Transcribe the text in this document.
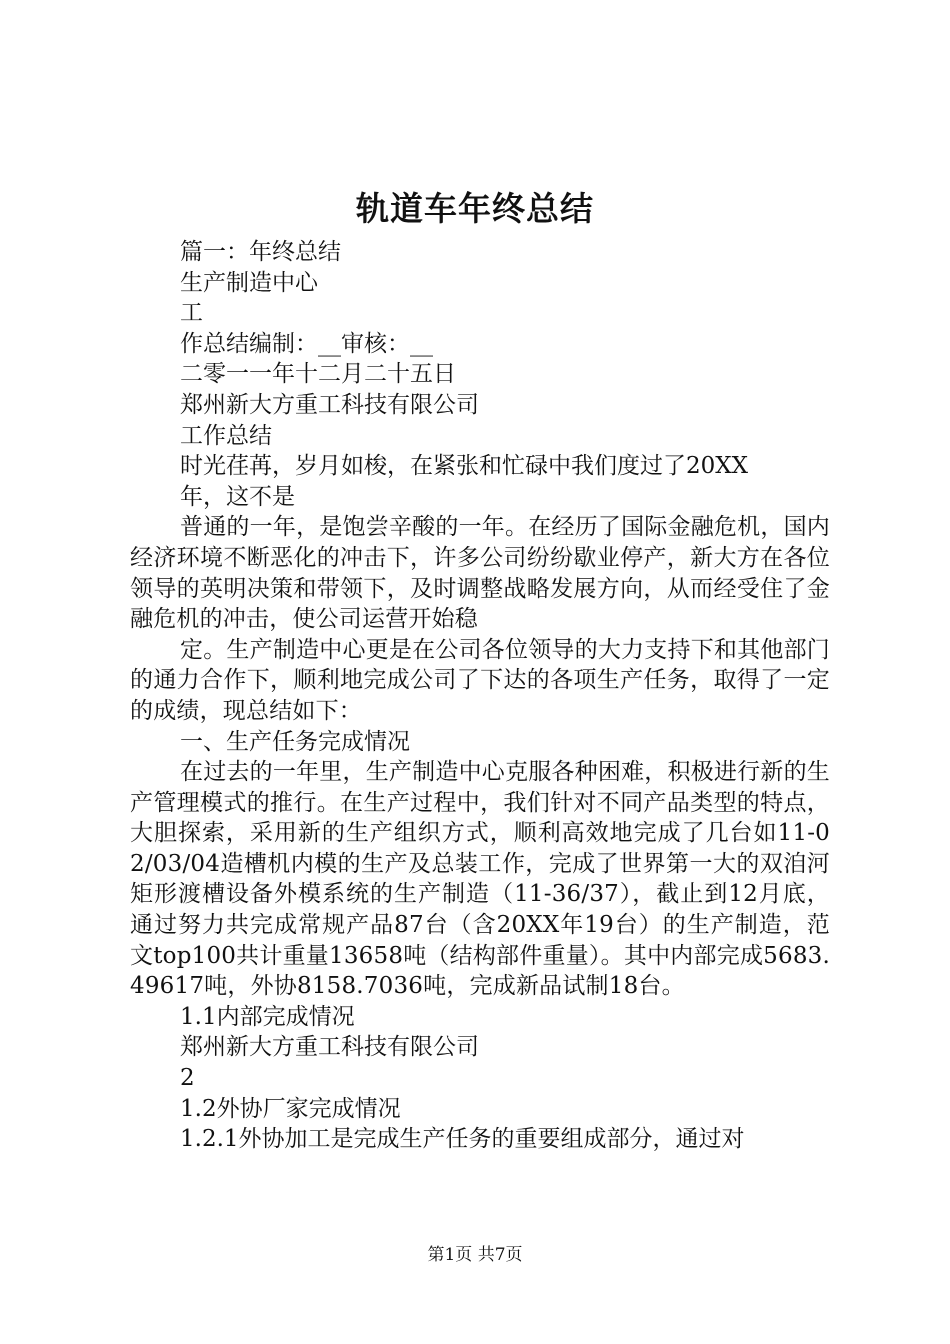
轨道车年终总结

篇一：年终总结

生产制造中心

工

作总结编制：__审核：__

二零一一年十二月二十五日

郑州新大方重工科技有限公司

工作总结

时光荏苒，岁月如梭，在紧张和忙碌中我们度过了20XX

年，这不是

普通的一年，是饱尝辛酸的一年。在经历了国际金融危机，国内经济环境不断恶化的冲击下，许多公司纷纷歇业停产，新大方在各位领导的英明决策和带领下，及时调整战略发展方向，从而经受住了金融危机的冲击，使公司运营开始稳

定。生产制造中心更是在公司各位领导的大力支持下和其他部门的通力合作下，顺利地完成公司了下达的各项生产任务，取得了一定的成绩，现总结如下：

一、生产任务完成情况

在过去的一年里，生产制造中心克服各种困难，积极进行新的生产管理模式的推行。在生产过程中，我们针对不同产品类型的特点，大胆探索，采用新的生产组织方式，顺利高效地完成了几台如11-02/03/04造槽机内模的生产及总装工作，完成了世界第一大的双洎河矩形渡槽设备外模系统的生产制造（11-36/37），截止到12月底，通过努力共完成常规产品87台（含20XX年19台）的生产制造，范文top100共计重量13658吨（结构部件重量）。其中内部完成5683.49617吨，外协8158.7036吨，完成新品试制18台。

1.1内部完成情况

郑州新大方重工科技有限公司

2

1.2外协厂家完成情况

1.2.1外协加工是完成生产任务的重要组成部分，通过对

第1页 共7页
